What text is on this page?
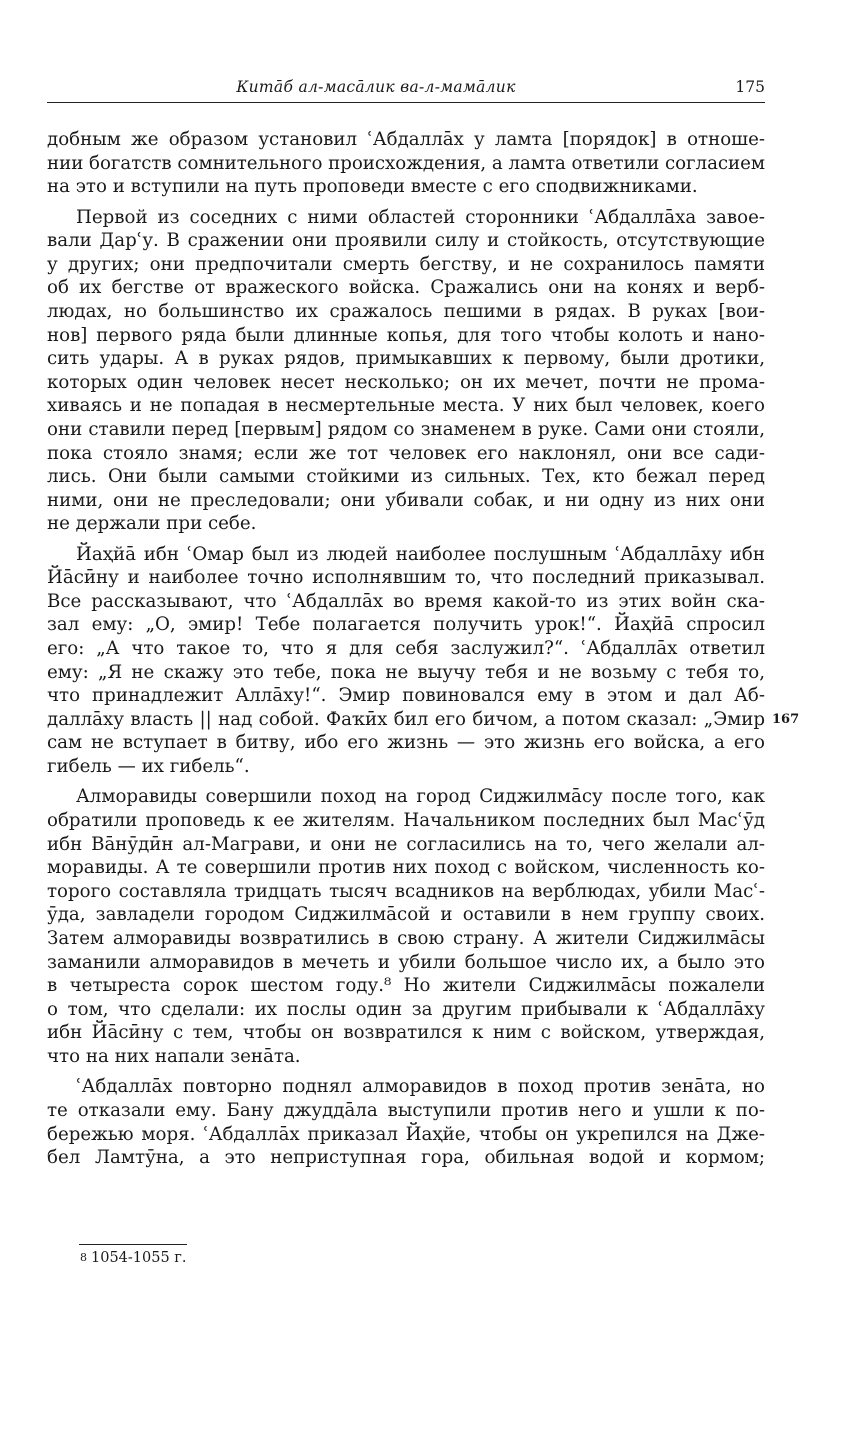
Китāб ал-масāлик ва-л-мамāлик	175
добным же образом установил ʿАбдаллāх у ламта [порядок] в отноше-
нии богатств сомнительного происхождения, а ламта ответили согласием
на это и вступили на путь проповеди вместе с его сподвижниками.
Первой из соседних с ними областей сторонники ʿАбдаллāха завое-
вали Дарʿу. В сражении они проявили силу и стойкость, отсутствующие
у других; они предпочитали смерть бегству, и не сохранилось памяти
об их бегстве от вражеского войска. Сражались они на конях и верб-
людах, но большинство их сражалось пешими в рядах. В руках [вои-
нов] первого ряда были длинные копья, для того чтобы колоть и нано-
сить удары. А в руках рядов, примыкавших к первому, были дротики,
которых один человек несет несколько; он их мечет, почти не прома-
хиваясь и не попадая в несмертельные места. У них был человек, коего
они ставили перед [первым] рядом со знаменем в руке. Сами они стояли,
пока стояло знамя; если же тот человек его наклонял, они все сади-
лись. Они были самыми стойкими из сильных. Тех, кто бежал перед
ними, они не преследовали; они убивали собак, и ни одну из них они
не держали при себе.
Йаҳйā ибн ʿОмар был из людей наиболее послушным ʿАбдаллāху ибн
Йāсӣну и наиболее точно исполнявшим то, что последний приказывал.
Все рассказывают, что ʿАбдаллāх во время какой-то из этих войн ска-
зал ему: „О, эмир! Тебе полагается получить урок!“. Йаҳйā спросил
его: „А что такое то, что я для себя заслужил?“. ʿАбдаллāх ответил
ему: „Я не скажу это тебе, пока не выучу тебя и не возьму с тебя то,
что принадлежит Аллāху!“. Эмир повиновался ему в этом и дал Аб-
даллāху власть || над собой. Фаҡӣх бил его бичом, а потом сказал: „Эмир
сам не вступает в битву, ибо его жизнь — это жизнь его войска, а его
гибель — их гибель“.
Алморавиды совершили поход на город Сиджилмāсу после того, как
обратили проповедь к ее жителям. Начальником последних был Масʿӯд
ибн Вāнӯдӣн ал-Маграви, и они не согласились на то, чего желали ал-
моравиды. А те совершили против них поход с войском, численность ко-
торого составляла тридцать тысяч всадников на верблюдах, убили Масʿ-
ӯда, завладели городом Сиджилмāсой и оставили в нем группу своих.
Затем алморавиды возвратились в свою страну. А жители Сиджилмāсы
заманили алморавидов в мечеть и убили большое число их, а было это
в четыреста сорок шестом году.⁸ Но жители Сиджилмāсы пожалели
о том, что сделали: их послы один за другим прибывали к ʿАбдаллāху
ибн Йāсӣну с тем, чтобы он возвратился к ним с войском, утверждая,
что на них напали зенāта.
ʿАбдаллāх повторно поднял алморавидов в поход против зенāта, но
те отказали ему. Бану джуддāла выступили против него и ушли к по-
бережью моря. ʿАбдаллāх приказал Йаҳйе, чтобы он укрепился на Дже-
бел Ламтӯна, а это неприступная гора, обильная водой и кормом;
167
8 1054-1055 г.
